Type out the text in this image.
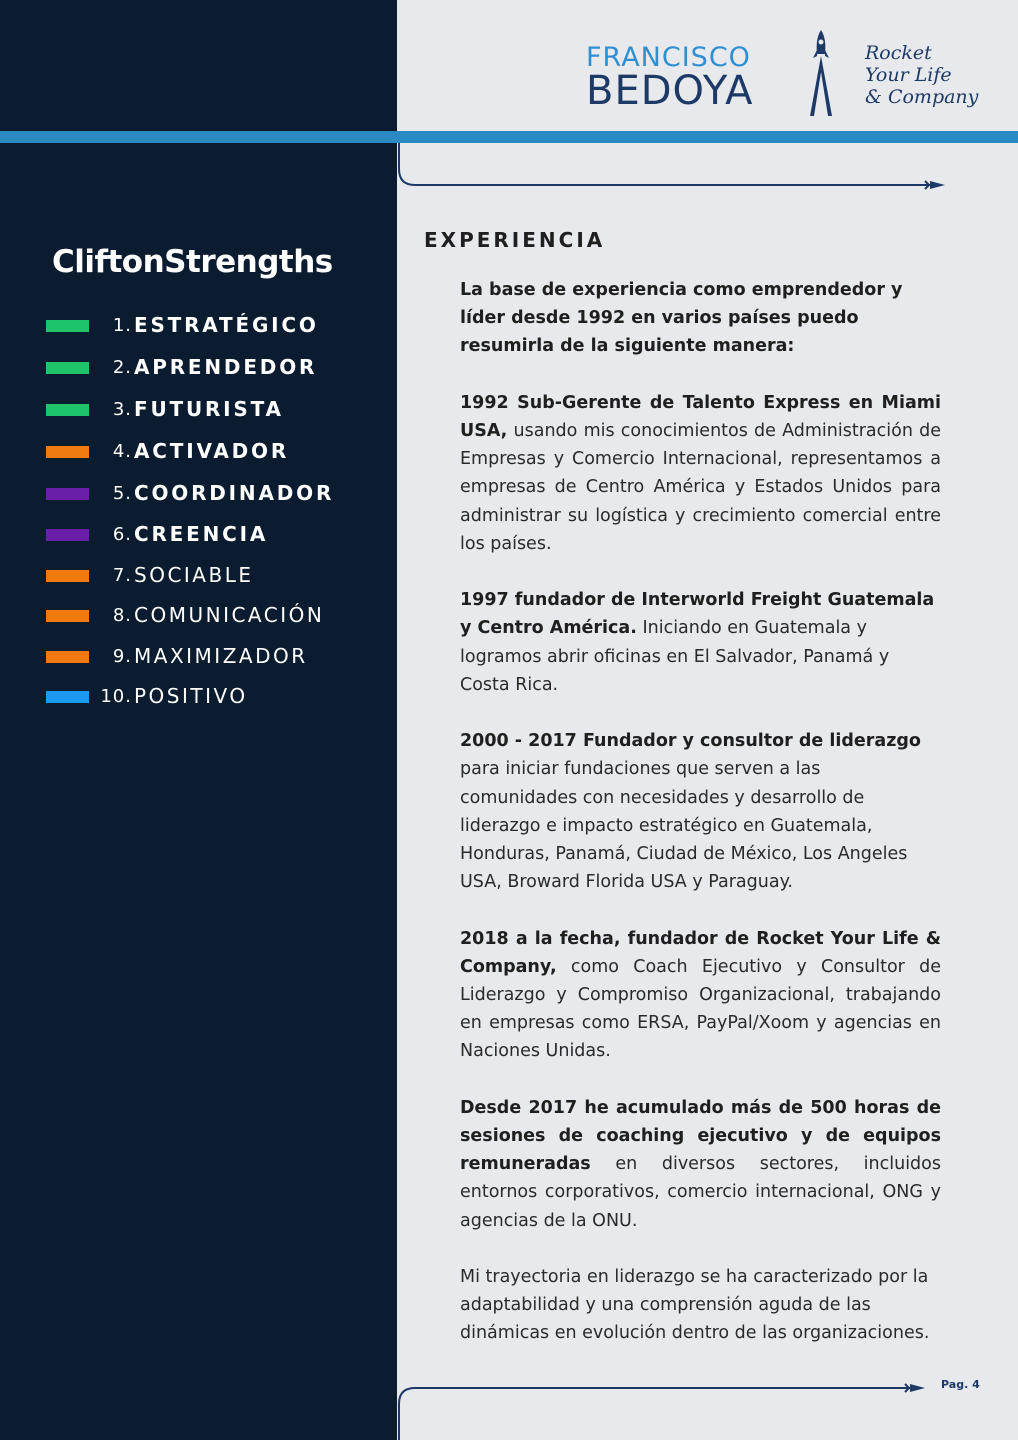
FRANCISCO
BEDOYA
Rocket
Your Life
& Company
CliftonStrengths
1. ESTRATÉGICO
2. APRENDEDOR
3. FUTURISTA
4. ACTIVADOR
5. COORDINADOR
6. CREENCIA
7. SOCIABLE
8. COMUNICACIÓN
9. MAXIMIZADOR
10. POSITIVO
EXPERIENCIA

La base de experiencia como emprendedor y líder desde 1992 en varios países puedo resumirla de la siguiente manera:

1992 Sub-Gerente de Talento Express en Miami USA, usando mis conocimientos de Administración de Empresas y Comercio Internacional, representamos a empresas de Centro América y Estados Unidos para administrar su logística y crecimiento comercial entre los países.

1997 fundador de Interworld Freight Guatemala y Centro América. Iniciando en Guatemala y logramos abrir oficinas en El Salvador, Panamá y Costa Rica.

2000 - 2017 Fundador y consultor de liderazgo para iniciar fundaciones que serven a las comunidades con necesidades y desarrollo de liderazgo e impacto estratégico en Guatemala, Honduras, Panamá, Ciudad de México, Los Angeles USA, Broward Florida USA y Paraguay.

2018 a la fecha, fundador de Rocket Your Life & Company, como Coach Ejecutivo y Consultor de Liderazgo y Compromiso Organizacional, trabajando en empresas como ERSA, PayPal/Xoom y agencias en Naciones Unidas.

Desde 2017 he acumulado más de 500 horas de sesiones de coaching ejecutivo y de equipos remuneradas en diversos sectores, incluidos entornos corporativos, comercio internacional, ONG y agencias de la ONU.

Mi trayectoria en liderazgo se ha caracterizado por la adaptabilidad y una comprensión aguda de las dinámicas en evolución dentro de las organizaciones.

Pag. 4
